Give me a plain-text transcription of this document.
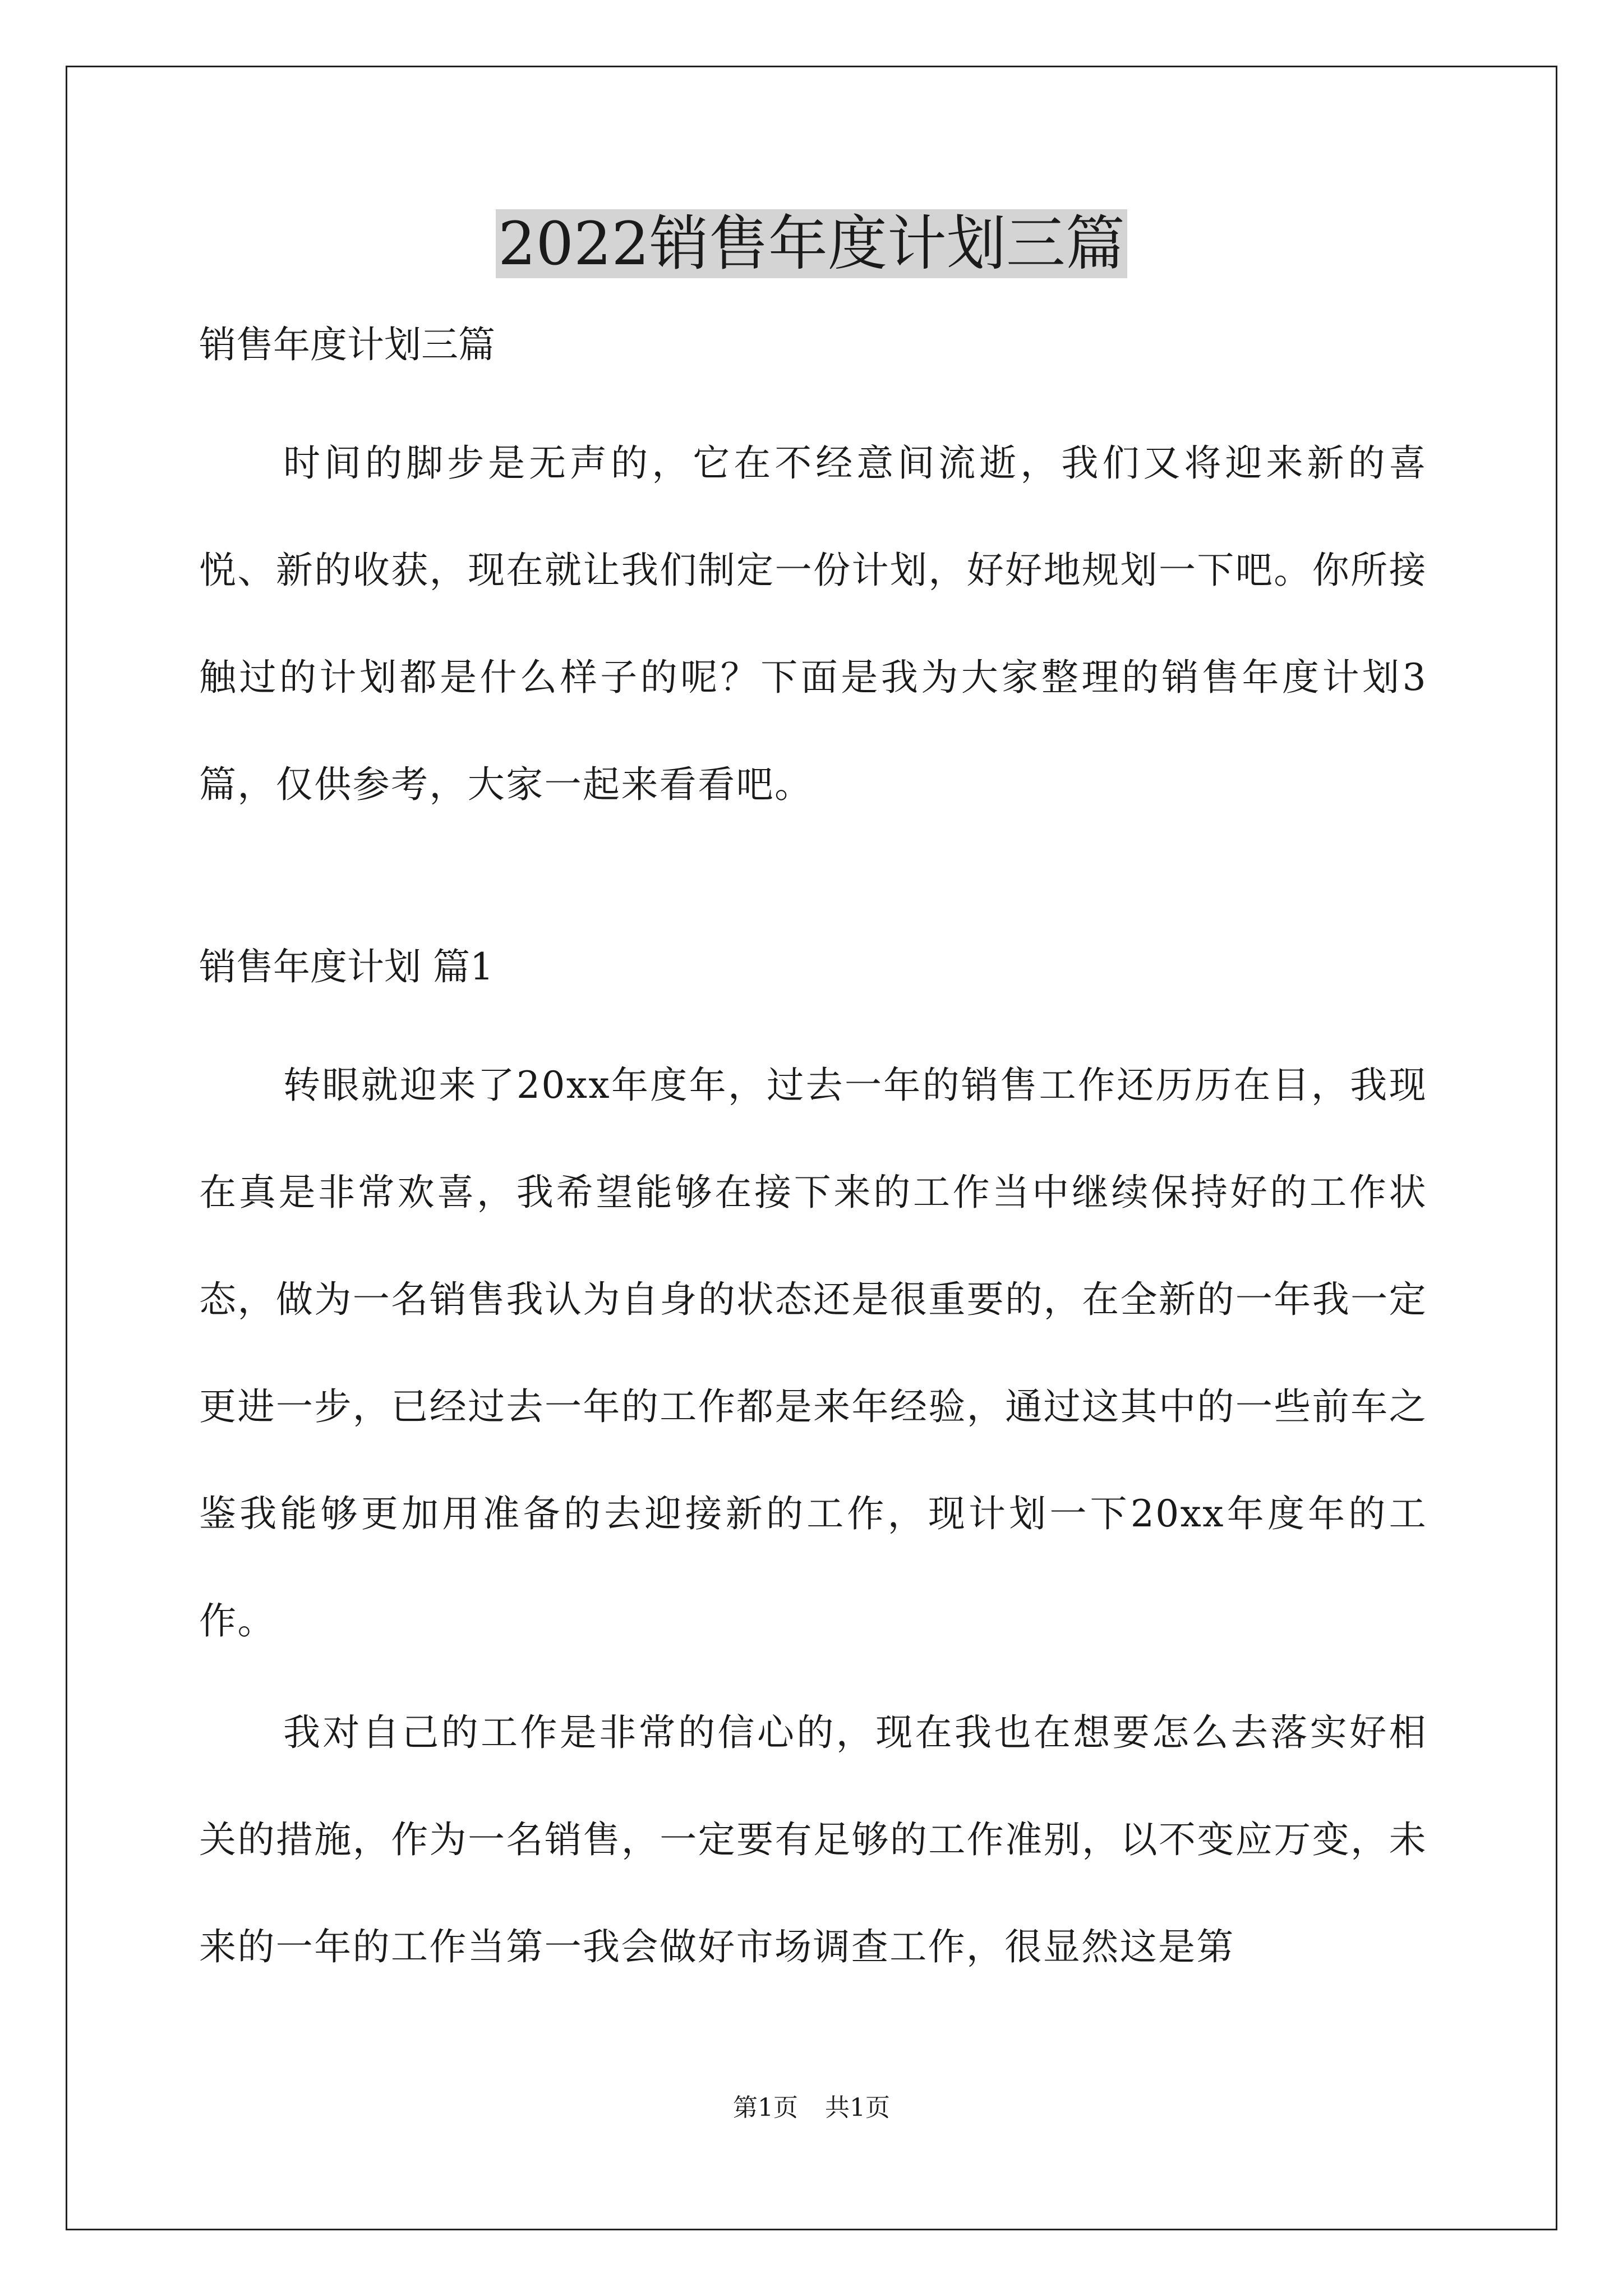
2022销售年度计划三篇
销售年度计划三篇
时间的脚步是无声的，它在不经意间流逝，我们又将迎来新的喜悦、新的收获，现在就让我们制定一份计划，好好地规划一下吧。你所接触过的计划都是什么样子的呢？下面是我为大家整理的销售年度计划3篇，仅供参考，大家一起来看看吧。
销售年度计划 篇1
转眼就迎来了20xx年度年，过去一年的销售工作还历历在目，我现在真是非常欢喜，我希望能够在接下来的工作当中继续保持好的工作状态，做为一名销售我认为自身的状态还是很重要的，在全新的一年我一定更进一步，已经过去一年的工作都是来年经验，通过这其中的一些前车之鉴我能够更加用准备的去迎接新的工作，现计划一下20xx年度年的工作。
我对自己的工作是非常的信心的，现在我也在想要怎么去落实好相关的措施，作为一名销售，一定要有足够的工作准别，以不变应万变，未来的一年的工作当第一我会做好市场调查工作，很显然这是第
第1页 共1页
